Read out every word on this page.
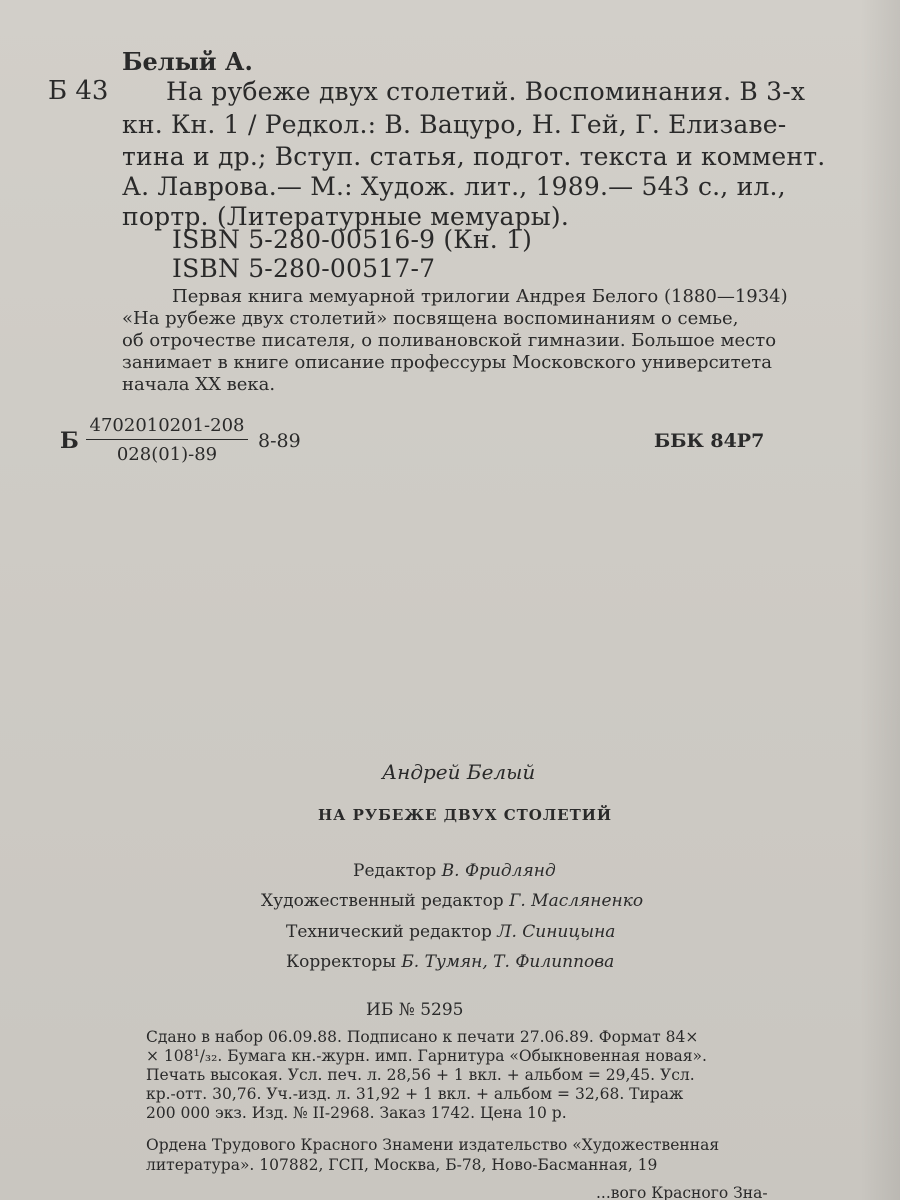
Белый А.
Б 43 На рубеже двух столетий. Воспоминания. В 3-х
кн. Кн. 1 / Редкол.: В. Вацуро, Н. Гей, Г. Елизаве-
тина и др.; Вступ. статья, подгот. текста и коммент.
А. Лаврова.— М.: Худож. лит., 1989.— 543 с., ил.,
портр. (Литературные мемуары).
ISBN 5-280-00516-9 (Кн. 1)
ISBN 5-280-00517-7
Первая книга мемуарной трилогии Андрея Белого (1880—1934)
«На рубеже двух столетий» посвящена воспоминаниям о семье,
об отрочестве писателя, о поливановской гимназии. Большое место
занимает в книге описание профессуры Московского университета
начала XX века.
Б $\frac{4702010201-208}{028(01)-89} 8-89$	ББК 84Р7
Андрей Белый
НА РУБЕЖЕ ДВУХ СТОЛЕТИЙ
Редактор В. Фридлянд
Художественный редактор Г. Масляненко
Технический редактор Л. Синицына
Корректоры Б. Тумян, Т. Филиппова
ИБ № 5295
Сдано в набор 06.09.88. Подписано к печати 27.06.89. Формат 84×
× 108¹/₃₂. Бумага кн.-журн. имп. Гарнитура «Обыкновенная новая».
Печать высокая. Усл. печ. л. 28,56 + 1 вкл. + альбом = 29,45. Усл.
кр.-отт. 30,76. Уч.-изд. л. 31,92 + 1 вкл. + альбом = 32,68. Тираж
200 000 экз. Изд. № II-2968. Заказ 1742. Цена 10 р.
Ордена Трудового Красного Знамени издательство «Художественная
литература». 107882, ГСП, Москва, Б-78, Ново-Басманная, 19
...вого Красного Зна-
